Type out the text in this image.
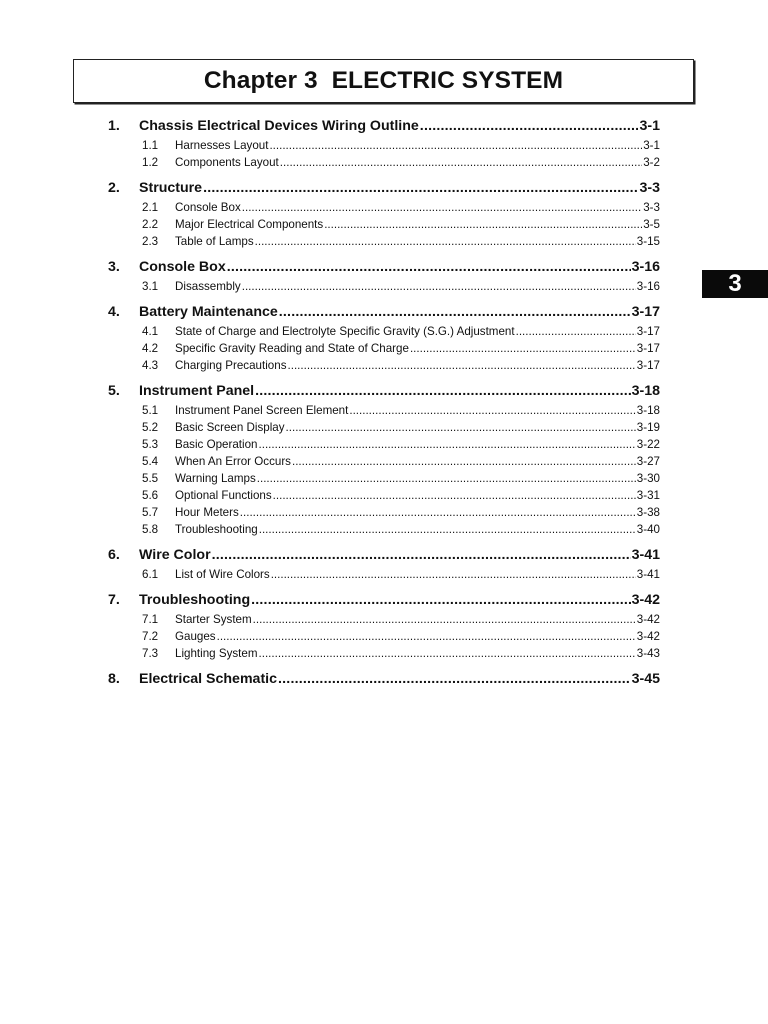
Chapter 3  ELECTRIC SYSTEM
3
1.	Chassis Electrical Devices Wiring Outline .....	3-1
1.1	Harnesses Layout .....	3-1
1.2	Components Layout .....	3-2
2.	Structure .....	3-3
2.1	Console Box .....	3-3
2.2	Major Electrical Components .....	3-5
2.3	Table of Lamps .....	3-15
3.	Console Box .....	3-16
3.1	Disassembly .....	3-16
4.	Battery Maintenance .....	3-17
4.1	State of Charge and Electrolyte Specific Gravity (S.G.) Adjustment .....	3-17
4.2	Specific Gravity Reading and State of Charge .....	3-17
4.3	Charging Precautions .....	3-17
5.	Instrument Panel .....	3-18
5.1	Instrument Panel Screen Element .....	3-18
5.2	Basic Screen Display .....	3-19
5.3	Basic Operation .....	3-22
5.4	When An Error Occurs .....	3-27
5.5	Warning Lamps .....	3-30
5.6	Optional Functions .....	3-31
5.7	Hour Meters .....	3-38
5.8	Troubleshooting .....	3-40
6.	Wire Color .....	3-41
6.1	List of Wire Colors .....	3-41
7.	Troubleshooting .....	3-42
7.1	Starter System .....	3-42
7.2	Gauges .....	3-42
7.3	Lighting System .....	3-43
8.	Electrical Schematic .....	3-45
